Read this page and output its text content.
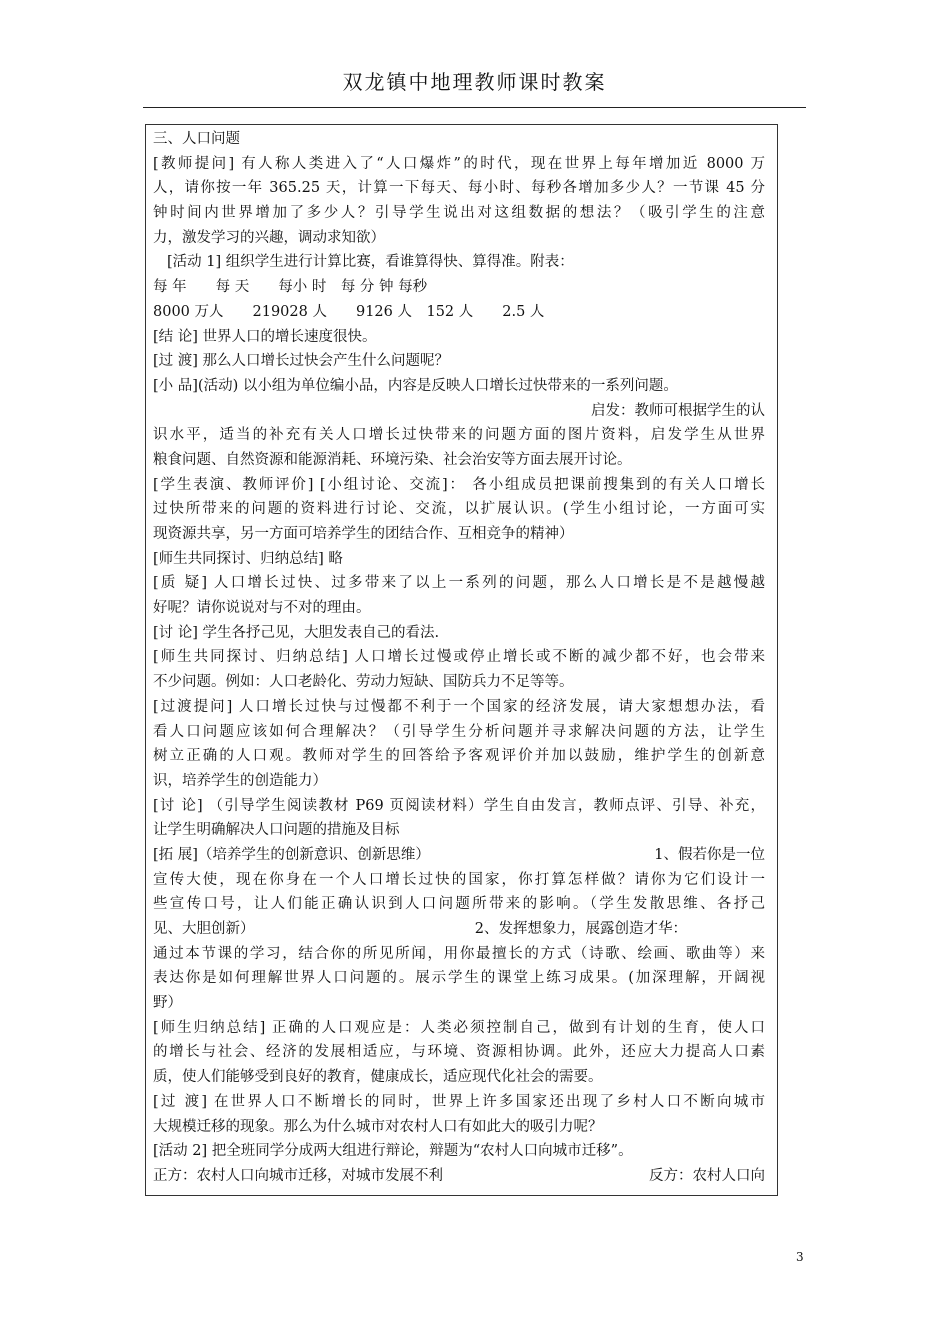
双龙镇中地理教师课时教案
三、人口问题
[教师提问] 有人称人类进入了“人口爆炸”的时代，现在世界上每年增加近 8000 万
人，请你按一年 365.25 天，计算一下每天、每小时、每秒各增加多少人？一节课 45 分
钟时间内世界增加了多少人？引导学生说出对这组数据的想法？（吸引学生的注意
力，激发学习的兴趣，调动求知欲）
[活动 1] 组织学生进行计算比赛，看谁算得快、算得准。附表：
每 年　　每 天　　每小 时　每 分 钟 每秒
8000 万人　　219028 人　　9126 人　152 人　　2.5 人
[结 论] 世界人口的增长速度很快。
[过 渡] 那么人口增长过快会产生什么问题呢？
[小 品](活动) 以小组为单位编小品，内容是反映人口增长过快带来的一系列问题。
启发：教师可根据学生的认
识水平，适当的补充有关人口增长过快带来的问题方面的图片资料，启发学生从世界
粮食问题、自然资源和能源消耗、环境污染、社会治安等方面去展开讨论。
[学生表演、教师评价] [小组讨论、交流]： 各小组成员把课前搜集到的有关人口增长
过快所带来的问题的资料进行讨论、交流，以扩展认识。(学生小组讨论，一方面可实
现资源共享，另一方面可培养学生的团结合作、互相竞争的精神）
[师生共同探讨、归纳总结] 略
[质 疑] 人口增长过快、过多带来了以上一系列的问题，那么人口增长是不是越慢越
好呢？请你说说对与不对的理由。
[讨 论] 学生各抒己见，大胆发表自己的看法.
[师生共同探讨、归纳总结] 人口增长过慢或停止增长或不断的减少都不好，也会带来
不少问题。例如：人口老龄化、劳动力短缺、国防兵力不足等等。
[过渡提问] 人口增长过快与过慢都不利于一个国家的经济发展，请大家想想办法，看
看人口问题应该如何合理解决？（引导学生分析问题并寻求解决问题的方法，让学生
树立正确的人口观。教师对学生的回答给予客观评价并加以鼓励，维护学生的创新意
识，培养学生的创造能力）
[讨 论] （引导学生阅读教材 P69 页阅读材料）学生自由发言，教师点评、引导、补充，
让学生明确解决人口问题的措施及目标
[拓 展]（培养学生的创新意识、创新思维）	1、假若你是一位
宣传大使，现在你身在一个人口增长过快的国家，你打算怎样做？请你为它们设计一
些宣传口号，让人们能正确认识到人口问题所带来的影响。（学生发散思维、各抒己
见、大胆创新）	2、发挥想象力，展露创造才华：
通过本节课的学习，结合你的所见所闻，用你最擅长的方式（诗歌、绘画、歌曲等）来
表达你是如何理解世界人口问题的。展示学生的课堂上练习成果。(加深理解，开阔视
野）
[师生归纳总结] 正确的人口观应是：人类必须控制自己，做到有计划的生育，使人口
的增长与社会、经济的发展相适应，与环境、资源相协调。此外，还应大力提高人口素
质，使人们能够受到良好的教育，健康成长，适应现代化社会的需要。
[过 渡] 在世界人口不断增长的同时，世界上许多国家还出现了乡村人口不断向城市
大规模迁移的现象。那么为什么城市对农村人口有如此大的吸引力呢？
[活动 2] 把全班同学分成两大组进行辩论，辩题为“农村人口向城市迁移”。
正方：农村人口向城市迁移，对城市发展不利	反方：农村人口向
3
